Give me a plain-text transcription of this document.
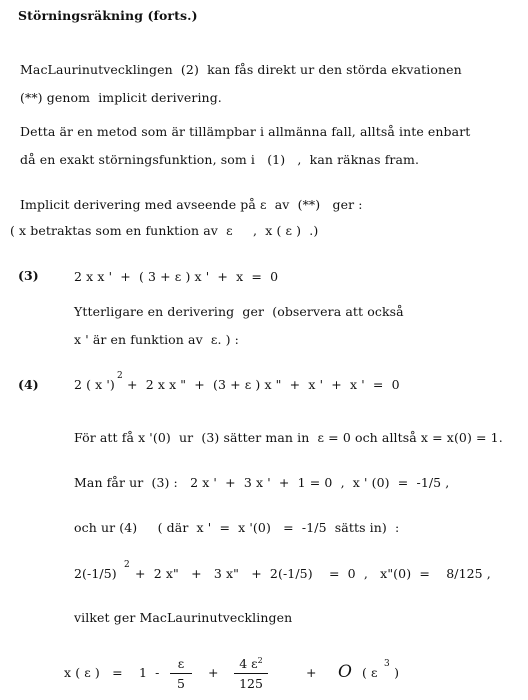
Störningsräkning (forts.)
MacLaurinutvecklingen  (2)  kan fås direkt ur den störda ekvationen
(**) genom  implicit derivering.
Detta är en metod som är tillämpbar i allmänna fall, alltså inte enbart
då en exakt störningsfunktion, som i   (1)   ,  kan räknas fram.
Implicit derivering med avseende på ε  av  (**)   ger :
( x betraktas som en funktion av  ε     ,  x ( ε )  .)
(3)	2 x x '  +  ( 3 + ε ) x '  +  x  =  0
Ytterligare en derivering  ger  (observera att också
x ' är en funktion av  ε. ) :
(4)	2 ( x ')
2
+  2 x x "  +  (3 + ε ) x "  +  x '  +  x '  =  0
För att få x '(0)  ur  (3) sätter man in  ε = 0 och alltså x = x(0) = 1.
Man får ur  (3) :   2 x '  +  3 x '  +  1 = 0  ,  x ' (0)  =  -1/5 ,
och ur (4)     ( där  x '  =  x '(0)   =  -1/5  sätts in)  :
2(-1/5)
2
+  2 x"   +   3 x"   +  2(-1/5)    =  0  ,   x"(0)  =    8/125 ,
vilket ger MacLaurinutvecklingen
x ( ε )   =    $1 - \frac{\varepsilon}{5} + \frac{4 \varepsilon^2}{125}$	+ O ( ε
3
)
